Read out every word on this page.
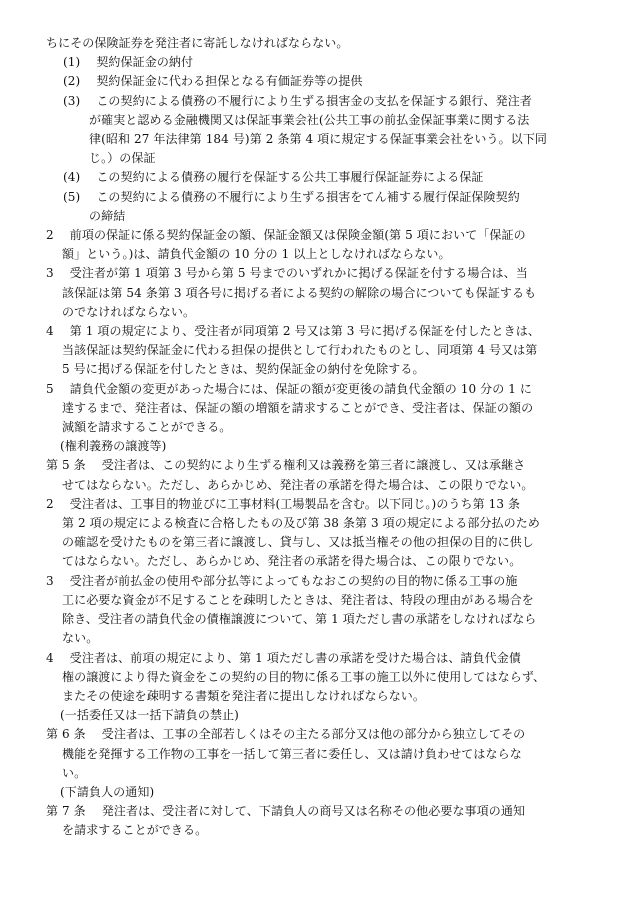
ちにその保険証券を発注者に寄託しなければならない。
(1)　 契約保証金の納付
(2)　 契約保証金に代わる担保となる有価証券等の提供
(3)　 この契約による債務の不履行により生ずる損害金の支払を保証する銀行、発注者
が確実と認める金融機関又は保証事業会社(公共工事の前払金保証事業に関する法
律(昭和 27 年法律第 184 号)第 2 条第 4 項に規定する保証事業会社をいう。以下同
じ。）の保証
(4)　 この契約による債務の履行を保証する公共工事履行保証証券による保証
(5)　 この契約による債務の不履行により生ずる損害をてん補する履行保証保険契約
の締結
2　 前項の保証に係る契約保証金の額、保証金額又は保険金額(第 5 項において「保証の
額」という。)は、請負代金額の 10 分の 1 以上としなければならない。
3　 受注者が第 1 項第 3 号から第 5 号までのいずれかに掲げる保証を付する場合は、当
該保証は第 54 条第 3 項各号に掲げる者による契約の解除の場合についても保証するも
のでなければならない。
4　 第 1 項の規定により、受注者が同項第 2 号又は第 3 号に掲げる保証を付したときは、
当該保証は契約保証金に代わる担保の提供として行われたものとし、同項第 4 号又は第
5 号に掲げる保証を付したときは、契約保証金の納付を免除する。
5　 請負代金額の変更があった場合には、保証の額が変更後の請負代金額の 10 分の 1 に
達するまで、発注者は、保証の額の増額を請求することができ、受注者は、保証の額の
減額を請求することができる。
(権利義務の譲渡等)
第 5 条　 受注者は、この契約により生ずる権利又は義務を第三者に譲渡し、又は承継さ
せてはならない。ただし、あらかじめ、発注者の承諾を得た場合は、この限りでない。
2　 受注者は、工事目的物並びに工事材料(工場製品を含む。以下同じ。)のうち第 13 条
第 2 項の規定による検査に合格したもの及び第 38 条第 3 項の規定による部分払のため
の確認を受けたものを第三者に譲渡し、貸与し、又は抵当権その他の担保の目的に供し
てはならない。ただし、あらかじめ、発注者の承諾を得た場合は、この限りでない。
3　 受注者が前払金の使用や部分払等によってもなおこの契約の目的物に係る工事の施
工に必要な資金が不足することを疎明したときは、発注者は、特段の理由がある場合を
除き、受注者の請負代金の債権譲渡について、第 1 項ただし書の承諾をしなければなら
ない。
4　 受注者は、前項の規定により、第 1 項ただし書の承諾を受けた場合は、請負代金債
権の譲渡により得た資金をこの契約の目的物に係る工事の施工以外に使用してはならず、
またその使途を疎明する書類を発注者に提出しなければならない。
(一括委任又は一括下請負の禁止)
第 6 条　 受注者は、工事の全部若しくはその主たる部分又は他の部分から独立してその
機能を発揮する工作物の工事を一括して第三者に委任し、又は請け負わせてはならな
い。
(下請負人の通知)
第 7 条　 発注者は、受注者に対して、下請負人の商号又は名称その他必要な事項の通知
を請求することができる。
